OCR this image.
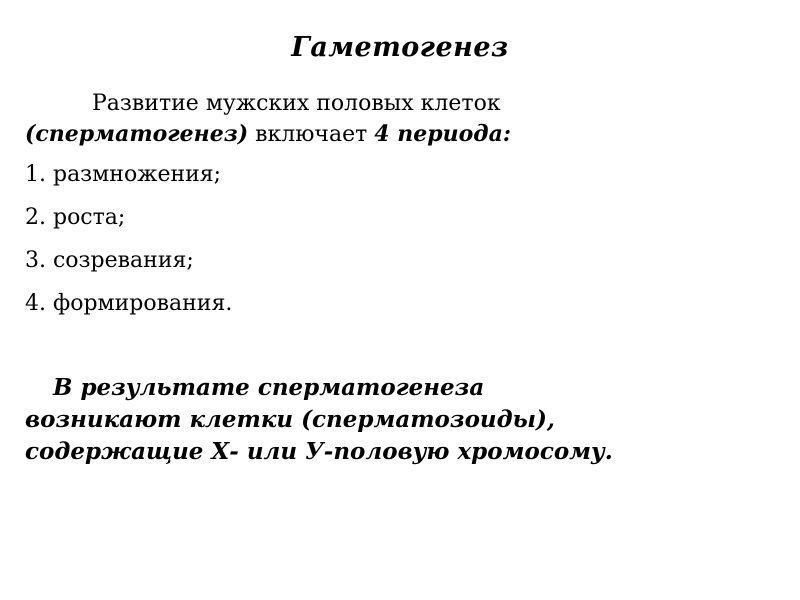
Гаметогенез
Развитие мужских половых клеток
(сперматогенез) включает 4 периода:
1. размножения;
2. роста;
3. созревания;
4. формирования.
В результате сперматогенеза
возникают клетки (сперматозоиды),
содержащие Х- или У-половую хромосому.
